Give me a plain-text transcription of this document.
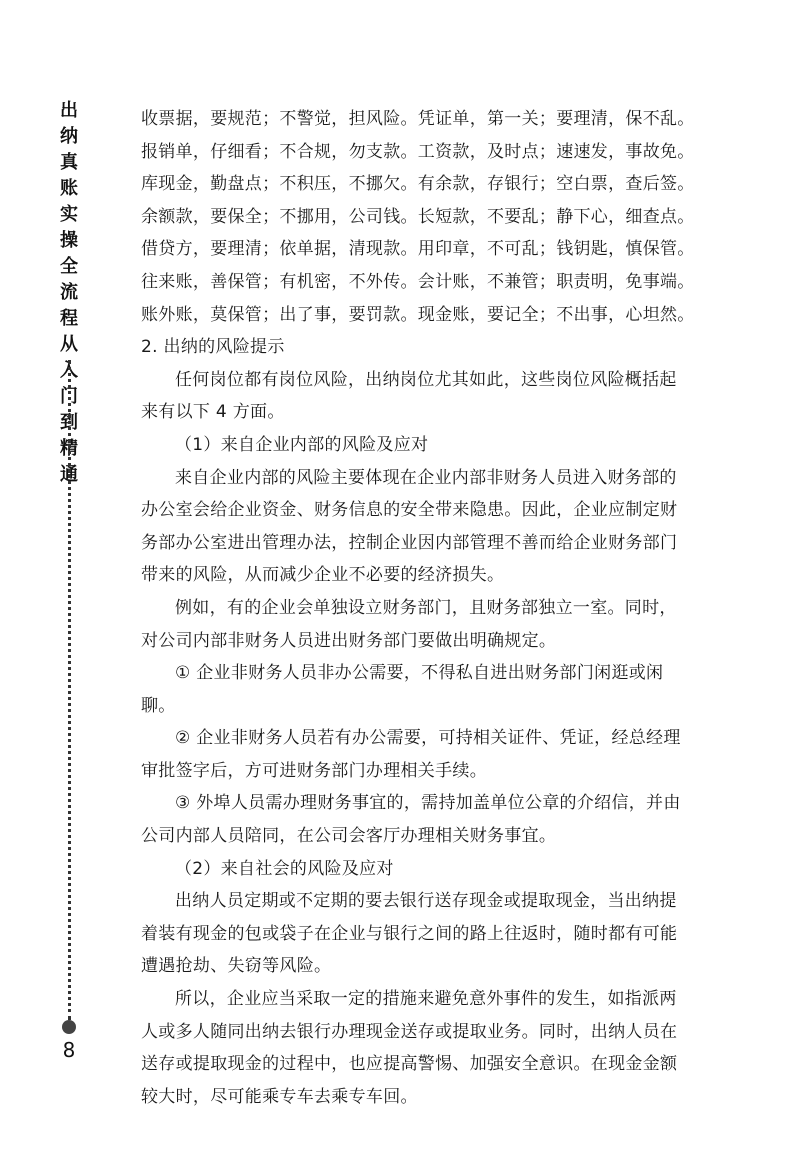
出纳真账实操全流程从入门到精通
8

收票据，要规范；不警觉，担风险。凭证单，第一关；要理清，保不乱。

报销单，仔细看；不合规，勿支款。工资款，及时点；速速发，事故免。

库现金，勤盘点；不积压，不挪欠。有余款，存银行；空白票，查后签。

余额款，要保全；不挪用，公司钱。长短款，不要乱；静下心，细查点。

借贷方，要理清；依单据，清现款。用印章，不可乱；钱钥匙，慎保管。

往来账，善保管；有机密，不外传。会计账，不兼管；职责明，免事端。

账外账，莫保管；出了事，要罚款。现金账，要记全；不出事，心坦然。

2. 出纳的风险提示

任何岗位都有岗位风险，出纳岗位尤其如此，这些岗位风险概括起来有以下 4 方面。

（1）来自企业内部的风险及应对

来自企业内部的风险主要体现在企业内部非财务人员进入财务部的办公室会给企业资金、财务信息的安全带来隐患。因此，企业应制定财务部办公室进出管理办法，控制企业因内部管理不善而给企业财务部门带来的风险，从而减少企业不必要的经济损失。

例如，有的企业会单独设立财务部门，且财务部独立一室。同时，对公司内部非财务人员进出财务部门要做出明确规定。

① 企业非财务人员非办公需要，不得私自进出财务部门闲逛或闲聊。

② 企业非财务人员若有办公需要，可持相关证件、凭证，经总经理审批签字后，方可进财务部门办理相关手续。

③ 外埠人员需办理财务事宜的，需持加盖单位公章的介绍信，并由公司内部人员陪同，在公司会客厅办理相关财务事宜。

（2）来自社会的风险及应对

出纳人员定期或不定期的要去银行送存现金或提取现金，当出纳提着装有现金的包或袋子在企业与银行之间的路上往返时，随时都有可能遭遇抢劫、失窃等风险。

所以，企业应当采取一定的措施来避免意外事件的发生，如指派两人或多人随同出纳去银行办理现金送存或提取业务。同时，出纳人员在送存或提取现金的过程中，也应提高警惕、加强安全意识。在现金金额较大时，尽可能乘专车去乘专车回。
